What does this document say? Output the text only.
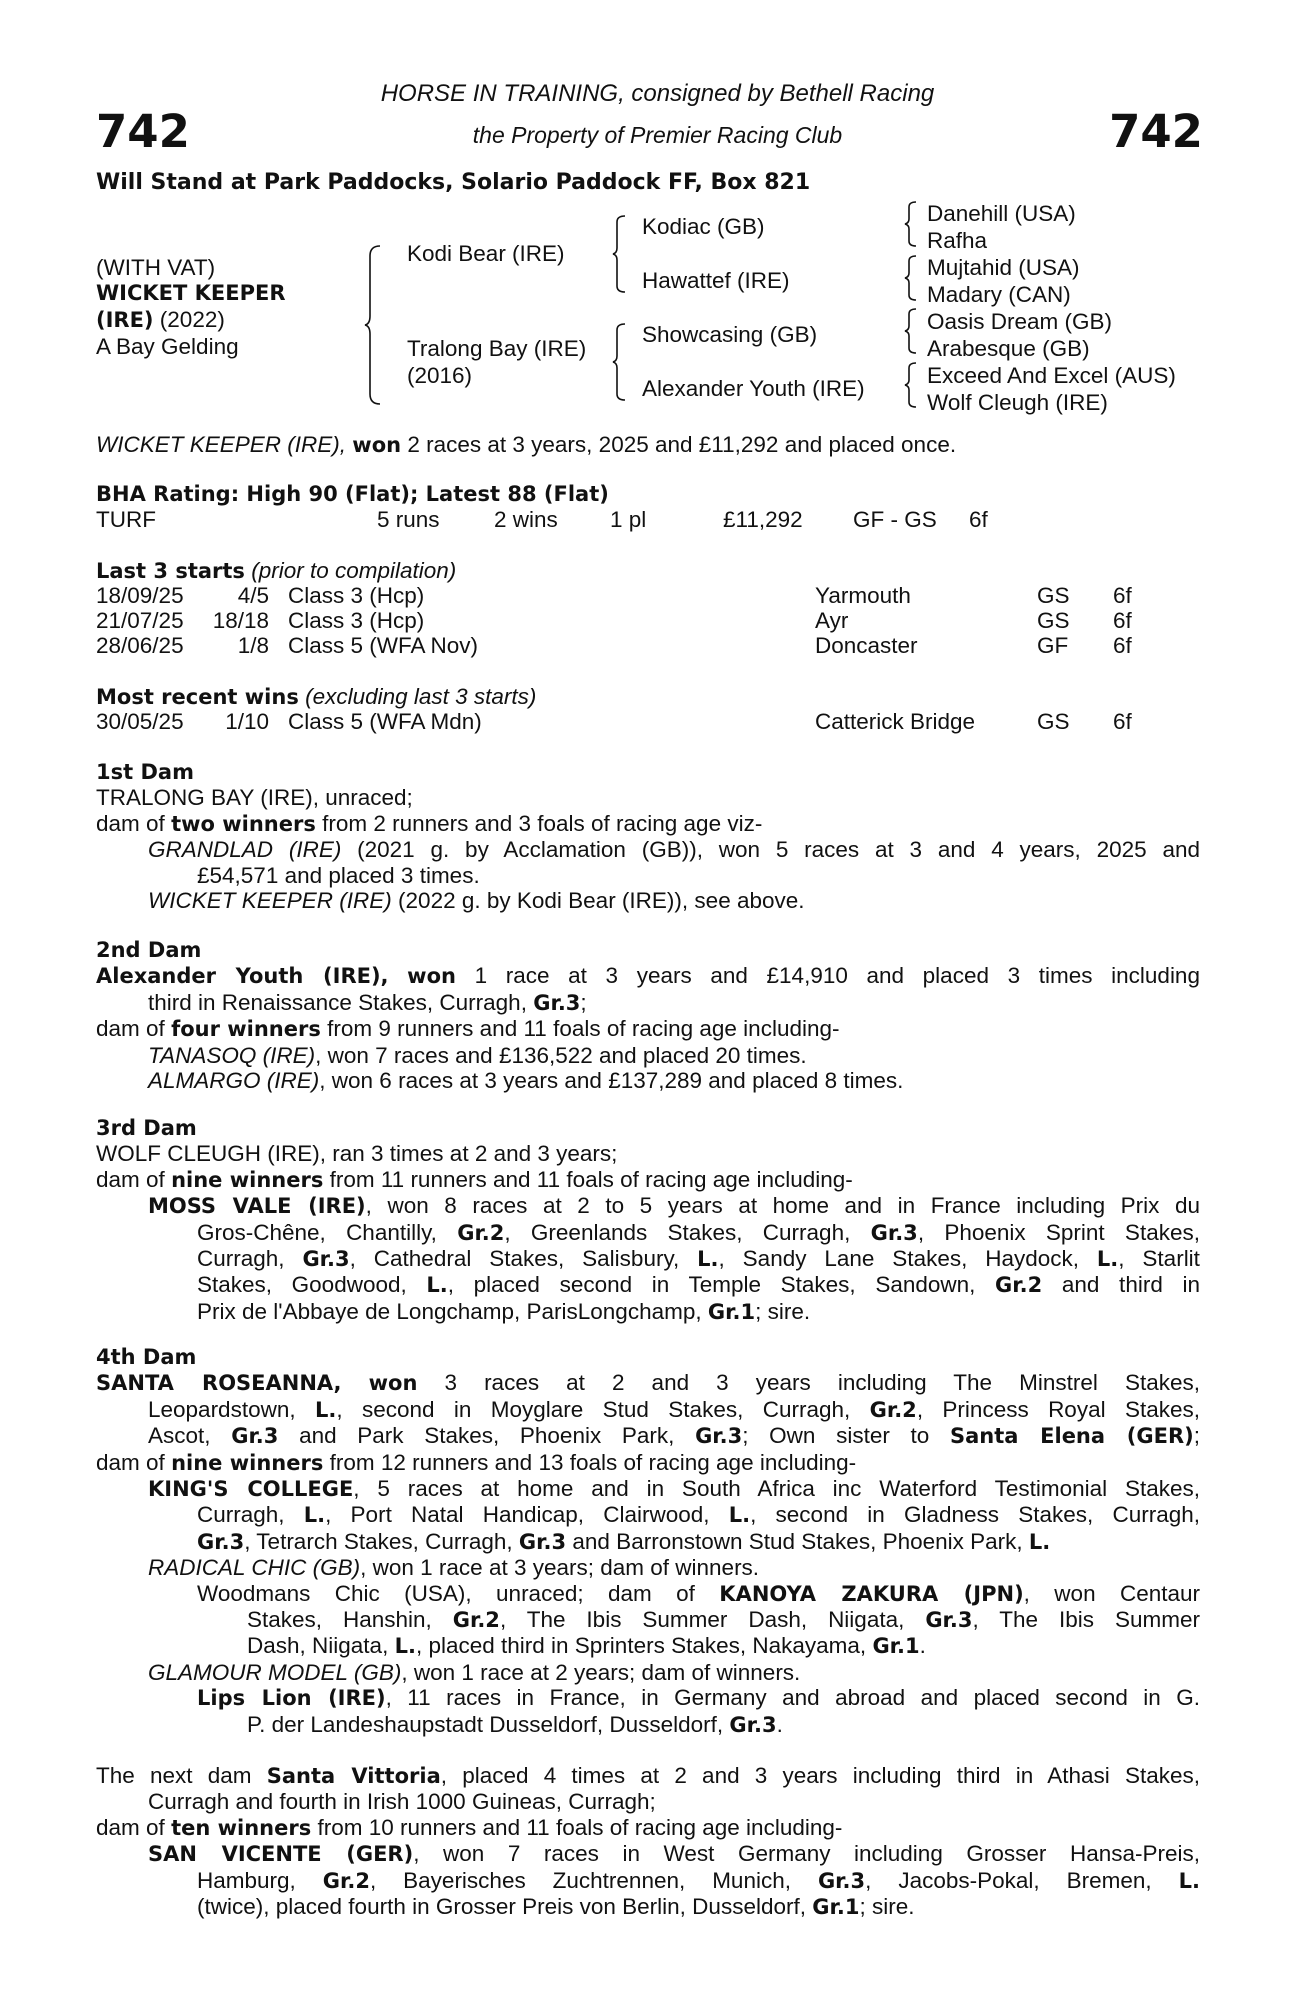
742	742
HORSE IN TRAINING, consigned by Bethell Racing
the Property of Premier Racing Club
Will Stand at Park Paddocks, Solario Paddock FF, Box 821
(WITH VAT)
WICKET KEEPER
(IRE) (2022)
A Bay Gelding
Kodi Bear (IRE)
Tralong Bay (IRE)
(2016)
Kodiac (GB)
Hawattef (IRE)
Showcasing (GB)
Alexander Youth (IRE)
Danehill (USA)
Rafha
Mujtahid (USA)
Madary (CAN)
Oasis Dream (GB)
Arabesque (GB)
Exceed And Excel (AUS)
Wolf Cleugh (IRE)
WICKET KEEPER (IRE), won 2 races at 3 years, 2025 and £11,292 and placed once.
BHA Rating: High 90 (Flat); Latest 88 (Flat)
TURF	5 runs 2 wins 1 pl	£11,292 GF - GS 6f
Last 3 starts (prior to compilation)
18/09/25 4/5 Class 3 (Hcp)	Yarmouth	GS 6f
21/07/25 18/18 Class 3 (Hcp)	Ayr	GS 6f
28/06/25 1/8 Class 5 (WFA Nov)	Doncaster	GF 6f
Most recent wins (excluding last 3 starts)
30/05/25 1/10 Class 5 (WFA Mdn)	Catterick Bridge	GS 6f
1st Dam
TRALONG BAY (IRE), unraced;
dam of two winners from 2 runners and 3 foals of racing age viz-
GRANDLAD (IRE) (2021 g. by Acclamation (GB)), won 5 races at 3 and 4 years, 2025 and
£54,571 and placed 3 times.
WICKET KEEPER (IRE) (2022 g. by Kodi Bear (IRE)), see above.
2nd Dam
Alexander Youth (IRE), won 1 race at 3 years and £14,910 and placed 3 times including
third in Renaissance Stakes, Curragh, Gr.3;
dam of four winners from 9 runners and 11 foals of racing age including-
TANASOQ (IRE), won 7 races and £136,522 and placed 20 times.
ALMARGO (IRE), won 6 races at 3 years and £137,289 and placed 8 times.
3rd Dam
WOLF CLEUGH (IRE), ran 3 times at 2 and 3 years;
dam of nine winners from 11 runners and 11 foals of racing age including-
MOSS VALE (IRE), won 8 races at 2 to 5 years at home and in France including Prix du
Gros-Chêne, Chantilly, Gr.2, Greenlands Stakes, Curragh, Gr.3, Phoenix Sprint Stakes,
Curragh, Gr.3, Cathedral Stakes, Salisbury, L., Sandy Lane Stakes, Haydock, L., Starlit
Stakes, Goodwood, L., placed second in Temple Stakes, Sandown, Gr.2 and third in
Prix de l'Abbaye de Longchamp, ParisLongchamp, Gr.1; sire.
4th Dam
SANTA ROSEANNA, won 3 races at 2 and 3 years including The Minstrel Stakes,
Leopardstown, L., second in Moyglare Stud Stakes, Curragh, Gr.2, Princess Royal Stakes,
Ascot, Gr.3 and Park Stakes, Phoenix Park, Gr.3; Own sister to Santa Elena (GER);
dam of nine winners from 12 runners and 13 foals of racing age including-
KING'S COLLEGE, 5 races at home and in South Africa inc Waterford Testimonial Stakes,
Curragh, L., Port Natal Handicap, Clairwood, L., second in Gladness Stakes, Curragh,
Gr.3, Tetrarch Stakes, Curragh, Gr.3 and Barronstown Stud Stakes, Phoenix Park, L.
RADICAL CHIC (GB), won 1 race at 3 years; dam of winners.
Woodmans Chic (USA), unraced; dam of KANOYA ZAKURA (JPN), won Centaur
Stakes, Hanshin, Gr.2, The Ibis Summer Dash, Niigata, Gr.3, The Ibis Summer
Dash, Niigata, L., placed third in Sprinters Stakes, Nakayama, Gr.1.
GLAMOUR MODEL (GB), won 1 race at 2 years; dam of winners.
Lips Lion (IRE), 11 races in France, in Germany and abroad and placed second in G.
P. der Landeshaupstadt Dusseldorf, Dusseldorf, Gr.3.
The next dam Santa Vittoria, placed 4 times at 2 and 3 years including third in Athasi Stakes,
Curragh and fourth in Irish 1000 Guineas, Curragh;
dam of ten winners from 10 runners and 11 foals of racing age including-
SAN VICENTE (GER), won 7 races in West Germany including Grosser Hansa-Preis,
Hamburg, Gr.2, Bayerisches Zuchtrennen, Munich, Gr.3, Jacobs-Pokal, Bremen, L.
(twice), placed fourth in Grosser Preis von Berlin, Dusseldorf, Gr.1; sire.
